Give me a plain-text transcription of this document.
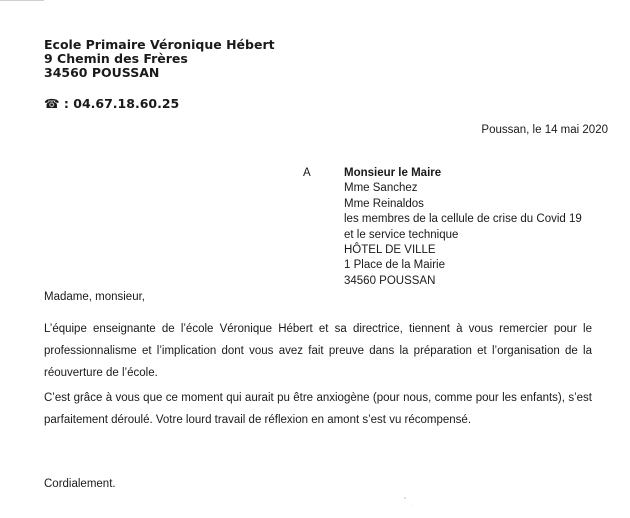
Ecole Primaire Véronique Hébert
9 Chemin des Frères
34560 POUSSAN
☎ : 04.67.18.60.25
Poussan, le 14 mai 2020
A	Monsieur le Maire
Mme Sanchez
Mme Reinaldos
les membres de la cellule de crise du Covid 19
et le service technique
HÔTEL DE VILLE
1 Place de la Mairie
34560 POUSSAN
Madame, monsieur,
L’équipe enseignante de l’école Véronique Hébert et sa directrice, tiennent à vous remercier pour le professionnalisme et l’implication dont vous avez fait preuve dans la préparation et l’organisation de la réouverture de l’école.
C’est grâce à vous que ce moment qui aurait pu être anxiogène (pour nous, comme pour les enfants), s’est parfaitement déroulé. Votre lourd travail de réflexion en amont s’est vu récompensé.
Cordialement.
